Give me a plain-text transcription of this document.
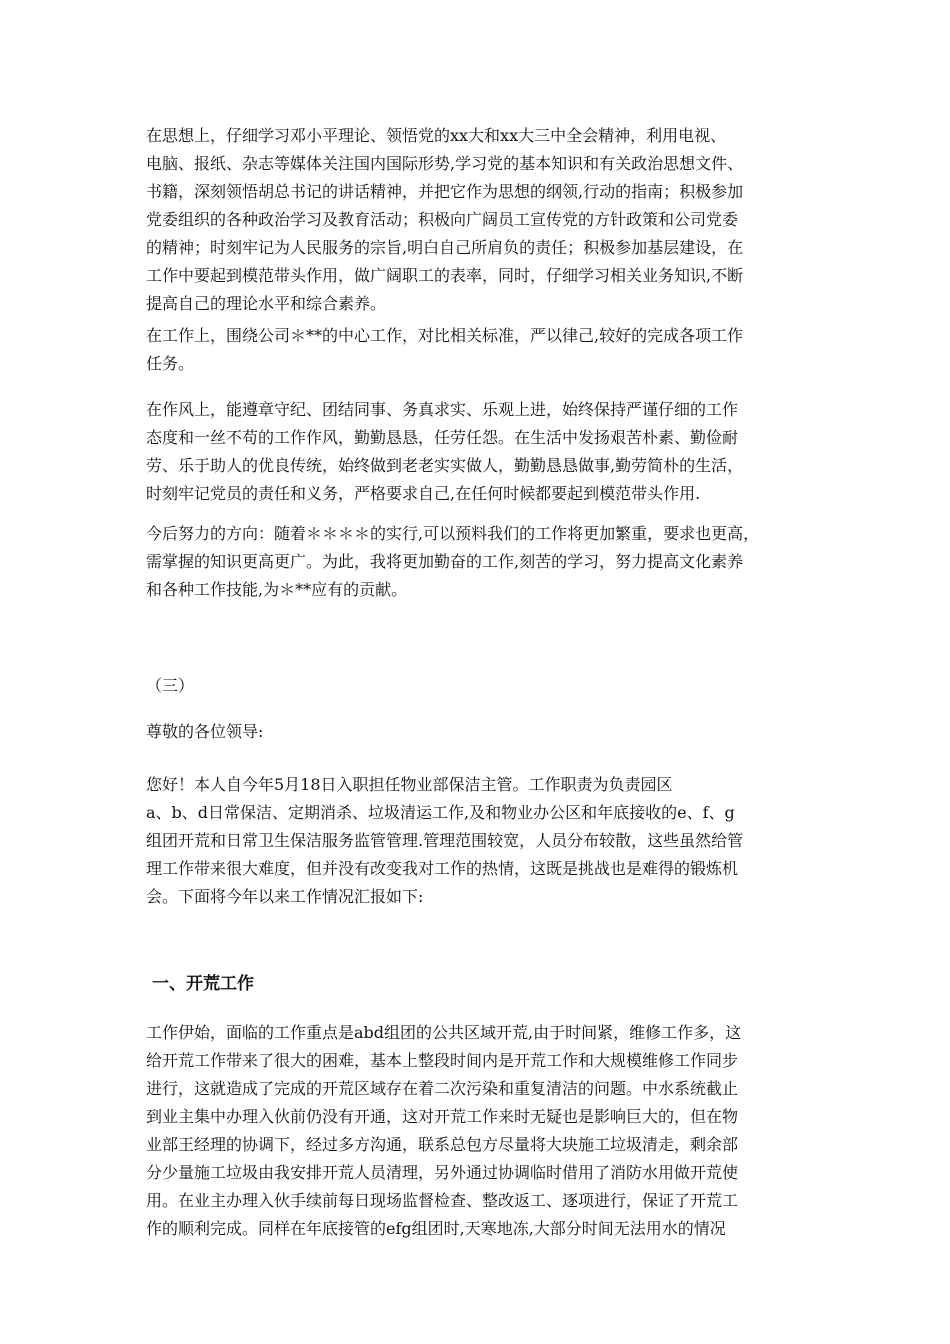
在思想上，仔细学习邓小平理论、领悟党的xx大和xx大三中全会精神，利用电视、
电脑、报纸、杂志等媒体关注国内国际形势,学习党的基本知识和有关政治思想文件、
书籍，深刻领悟胡总书记的讲话精神，并把它作为思想的纲领,行动的指南；积极参加
党委组织的各种政治学习及教育活动；积极向广阔员工宣传党的方针政策和公司党委
的精神；时刻牢记为人民服务的宗旨,明白自己所肩负的责任；积极参加基层建设，在
工作中要起到模范带头作用，做广阔职工的表率，同时，仔细学习相关业务知识,不断
提高自己的理论水平和综合素养。
在工作上，围绕公司＊**的中心工作，对比相关标准，严以律己,较好的完成各项工作
任务。
在作风上，能遵章守纪、团结同事、务真求实、乐观上进，始终保持严谨仔细的工作
态度和一丝不苟的工作作风，勤勤恳恳，任劳任怨。在生活中发扬艰苦朴素、勤俭耐
劳、乐于助人的优良传统，始终做到老老实实做人，勤勤恳恳做事,勤劳简朴的生活，
时刻牢记党员的责任和义务，严格要求自己,在任何时候都要起到模范带头作用.
今后努力的方向：随着＊＊＊＊的实行,可以预料我们的工作将更加繁重，要求也更高，
需掌握的知识更高更广。为此，我将更加勤奋的工作,刻苦的学习，努力提高文化素养
和各种工作技能,为＊**应有的贡献。
（三）
尊敬的各位领导:
您好！本人自今年5月18日入职担任物业部保洁主管。工作职责为负责园区
a、b、d日常保洁、定期消杀、垃圾清运工作,及和物业办公区和年底接收的e、f、g
组团开荒和日常卫生保洁服务监管管理.管理范围较宽，人员分布较散，这些虽然给管
理工作带来很大难度，但并没有改变我对工作的热情，这既是挑战也是难得的锻炼机
会。下面将今年以来工作情况汇报如下:
一、开荒工作
工作伊始，面临的工作重点是abd组团的公共区域开荒,由于时间紧，维修工作多，这
给开荒工作带来了很大的困难，基本上整段时间内是开荒工作和大规模维修工作同步
进行，这就造成了完成的开荒区域存在着二次污染和重复清洁的问题。中水系统截止
到业主集中办理入伙前仍没有开通，这对开荒工作来时无疑也是影响巨大的，但在物
业部王经理的协调下，经过多方沟通，联系总包方尽量将大块施工垃圾清走，剩余部
分少量施工垃圾由我安排开荒人员清理，另外通过协调临时借用了消防水用做开荒使
用。在业主办理入伙手续前每日现场监督检查、整改返工、逐项进行，保证了开荒工
作的顺利完成。同样在年底接管的efg组团时,天寒地冻,大部分时间无法用水的情况
